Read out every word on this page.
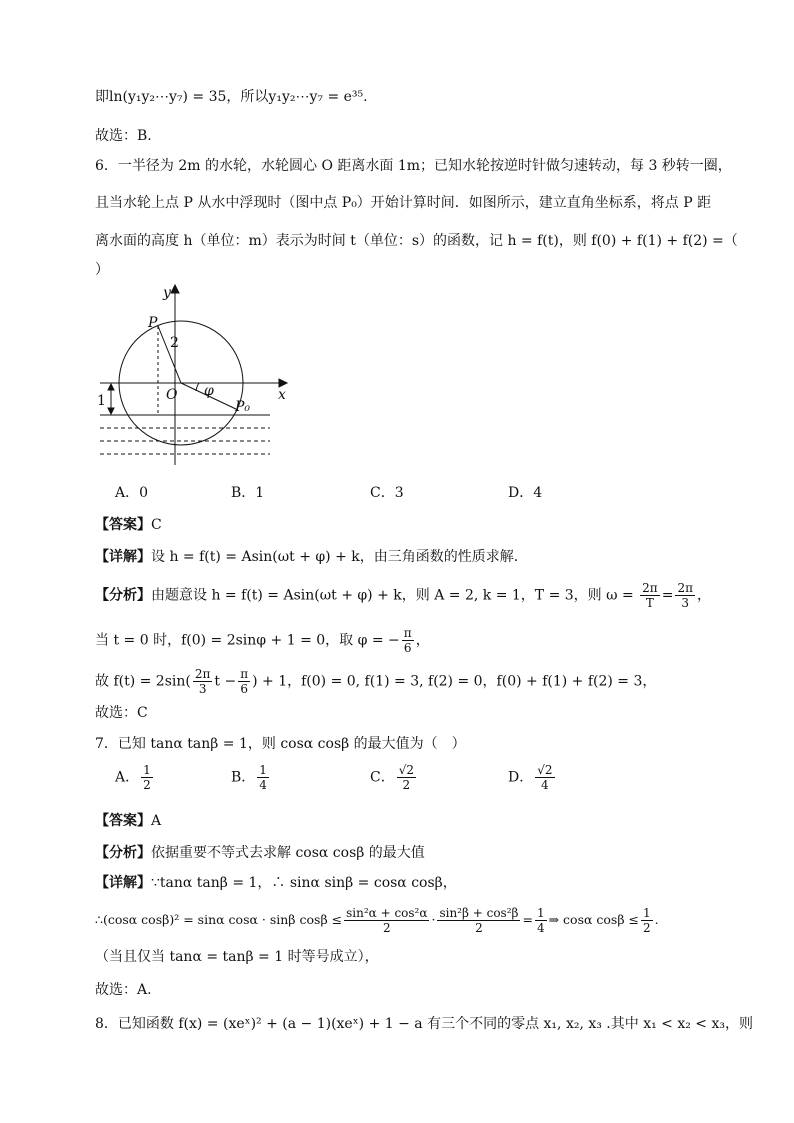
即ln(y₁y₂⋯y₇) = 35，所以y₁y₂⋯y₇ = e³⁵.
故选：B.
6．一半径为 2m 的水轮，水轮圆心 O 距离水面 1m；已知水轮按逆时针做匀速转动，每 3 秒转一圈，
且当水轮上点 P 从水中浮现时（图中点 P₀）开始计算时间．如图所示，建立直角坐标系，将点 P 距
离水面的高度 h（单位：m）表示为时间 t（单位：s）的函数，记 h = f(t)，则 f(0) + f(1) + f(2) =（
）
y
x
P
O
2
φ
P₀
1
A．0	B．1	C．3	D．4
【答案】C
【详解】设 h = f(t) = Asin(ωt + φ) + k，由三角函数的性质求解．
【分析】由题意设 h = f(t) = Asin(ωt + φ) + k，则 A = 2, k = 1，T = 3，则 $\omega = \frac{2\pi}{T} = \frac{2\pi}{3}$ ，
当 t = 0 时，f(0) = 2sinφ + 1 = 0，取 φ = − $\frac{\pi}{6}$ ，
故 $f(t) = 2\sin( \frac{2\pi}{3}$ $t - \frac{\pi}{6}$ ) + 1，f(0) = 0, f(1) = 3, f(2) = 0，f(0) + f(1) + f(2) = 3，
故选：C
7．已知 tanα tanβ = 1，则 cosα cosβ 的最大值为（　）
A． $\frac{1}{2}$	B． $\frac{1}{4}$	C． $\frac{√2}{2}$	D． $\frac{√2}{4}$
【答案】A
【分析】依据重要不等式去求解 cosα cosβ 的最大值
【详解】∵tanα tanβ = 1，∴ sinα sinβ = cosα cosβ，
∴(cosα cosβ)² = sinα cosα · sinβ $\cos\beta \le \frac{\text{sin²α + cos²α}}{2} \cdot \frac{\text{sin²β + cos²β}}{2} = \frac{1}{4}$ ⇒ cosα $\cos\beta \le \frac{1}{2}$ .
（当且仅当 tanα = tanβ = 1 时等号成立），
故选：A.
8．已知函数 f(x) = (xeˣ)² + (a − 1)(xeˣ) + 1 − a 有三个不同的零点 x₁, x₂, x₃ .其中 x₁ < x₂ < x₃，则
